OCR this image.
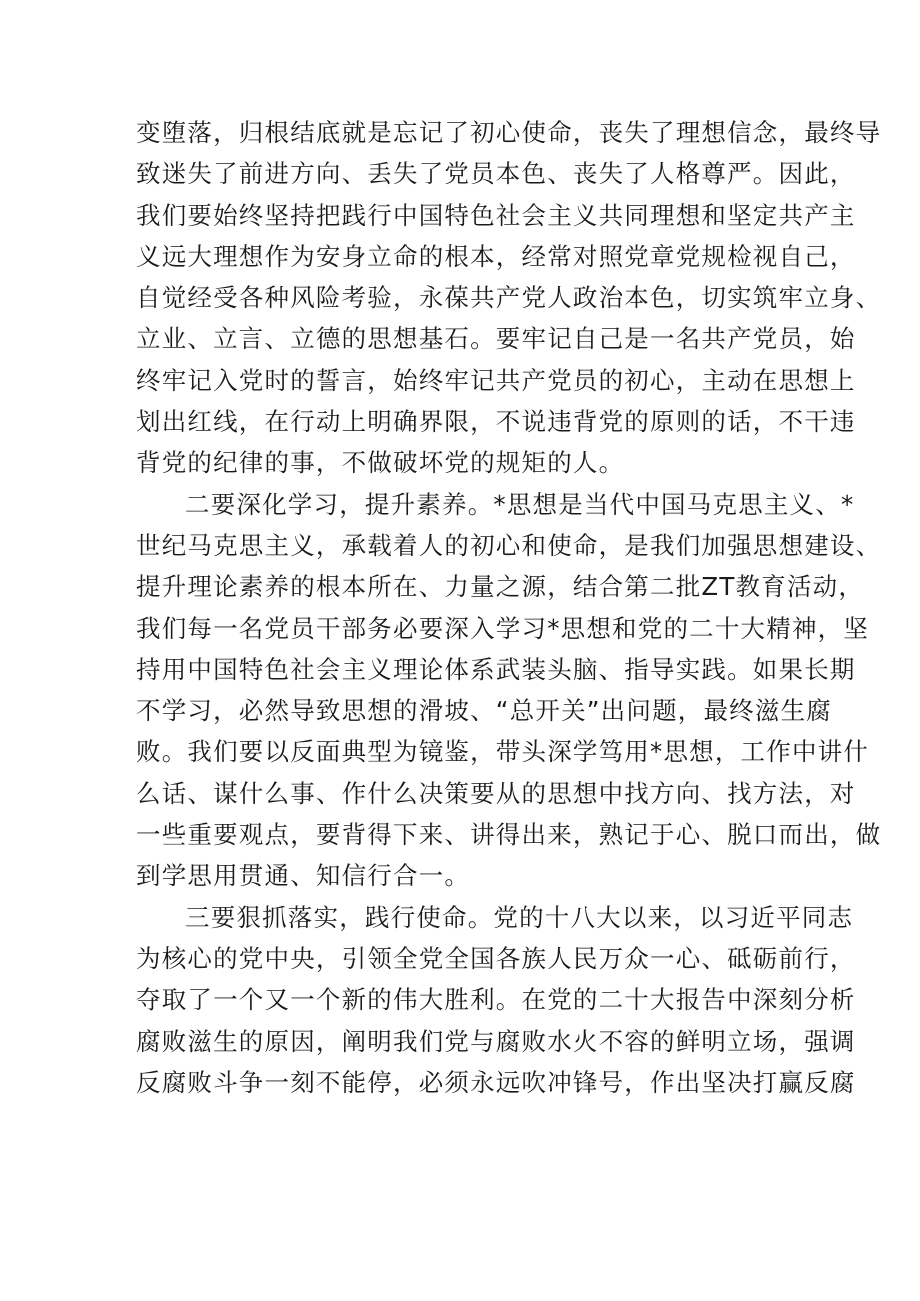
变堕落，归根结底就是忘记了初心使命，丧失了理想信念，最终导
致迷失了前进方向、丢失了党员本色、丧失了人格尊严。因此，
我们要始终坚持把践行中国特色社会主义共同理想和坚定共产主
义远大理想作为安身立命的根本，经常对照党章党规检视自己，
自觉经受各种风险考验，永葆共产党人政治本色，切实筑牢立身、
立业、立言、立德的思想基石。要牢记自己是一名共产党员，始
终牢记入党时的誓言，始终牢记共产党员的初心，主动在思想上
划出红线，在行动上明确界限，不说违背党的原则的话，不干违
背党的纪律的事，不做破坏党的规矩的人。
二要深化学习，提升素养。*思想是当代中国马克思主义、*
世纪马克思主义，承载着人的初心和使命，是我们加强思想建设、
提升理论素养的根本所在、力量之源，结合第二批ZT教育活动，
我们每一名党员干部务必要深入学习*思想和党的二十大精神，坚
持用中国特色社会主义理论体系武装头脑、指导实践。如果长期
不学习，必然导致思想的滑坡、“总开关”出问题，最终滋生腐
败。我们要以反面典型为镜鉴，带头深学笃用*思想，工作中讲什
么话、谋什么事、作什么决策要从的思想中找方向、找方法，对
一些重要观点，要背得下来、讲得出来，熟记于心、脱口而出，做
到学思用贯通、知信行合一。
三要狠抓落实，践行使命。党的十八大以来，以习近平同志
为核心的党中央，引领全党全国各族人民万众一心、砥砺前行，
夺取了一个又一个新的伟大胜利。在党的二十大报告中深刻分析
腐败滋生的原因，阐明我们党与腐败水火不容的鲜明立场，强调
反腐败斗争一刻不能停，必须永远吹冲锋号，作出坚决打赢反腐
